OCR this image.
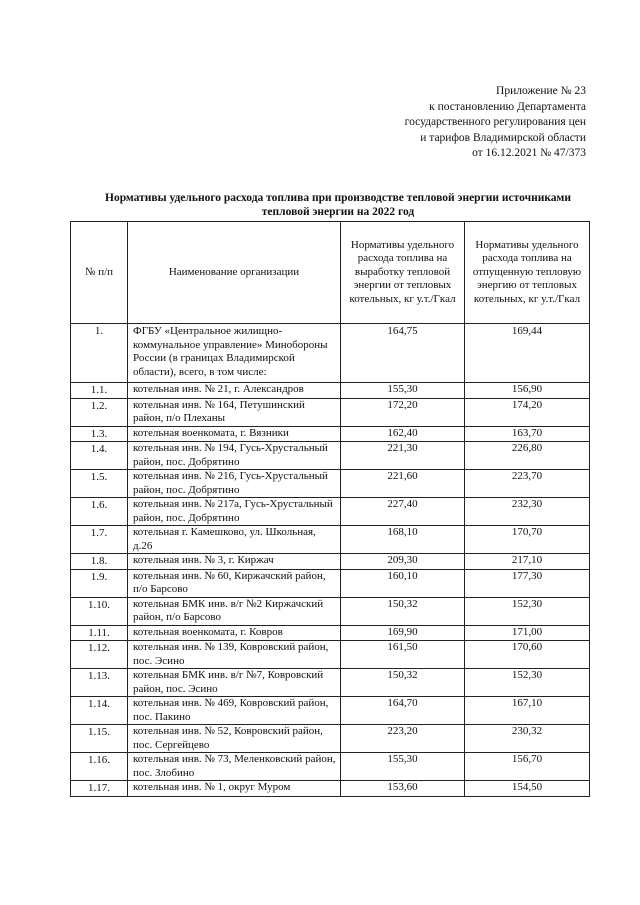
Приложение № 23
к постановлению Департамента
государственного регулирования цен
и тарифов Владимирской области
от 16.12.2021 № 47/373
Нормативы удельного расхода топлива при производстве тепловой энергии источниками тепловой энергии на 2022 год
№ п/п	Наименование организации	Нормативы удельного расхода топлива на выработку тепловой энергии от тепловых котельных, кг у.т./Гкал	Нормативы удельного расхода топлива на отпущенную тепловую энергию от тепловых котельных, кг у.т./Гкал
1.	ФГБУ «Центральное жилищно-коммунальное управление» Минобороны России (в границах Владимирской области), всего, в том числе:	164,75	169,44
1.1.	котельная инв. № 21, г. Александров	155,30	156,90
1.2.	котельная инв. № 164, Петушинский район, п/о Плеханы	172,20	174,20
1.3.	котельная военкомата, г. Вязники	162,40	163,70
1.4.	котельная инв. № 194, Гусь-Хрустальный район, пос. Добрятино	221,30	226,80
1.5.	котельная инв. № 216, Гусь-Хрустальный район, пос. Добрятино	221,60	223,70
1.6.	котельная инв. № 217а, Гусь-Хрустальный район, пос. Добрятино	227,40	232,30
1.7.	котельная г. Камешково, ул. Школьная, д.26	168,10	170,70
1.8.	котельная инв. № 3, г. Киржач	209,30	217,10
1.9.	котельная инв. № 60, Киржачский район, п/о Барсово	160,10	177,30
1.10.	котельная БМК инв. в/г №2 Киржачский район, п/о Барсово	150,32	152,30
1.11.	котельная военкомата, г. Ковров	169,90	171,00
1.12.	котельная инв. № 139, Ковровский район, пос. Эсино	161,50	170,60
1.13.	котельная БМК инв. в/г №7, Ковровский район, пос. Эсино	150,32	152,30
1.14.	котельная инв. № 469, Ковровский район, пос. Пакино	164,70	167,10
1.15.	котельная инв. № 52, Ковровский район, пос. Сергейцево	223,20	230,32
1.16.	котельная инв. № 73, Меленковский район, пос. Злобино	155,30	156,70
1.17.	котельная инв. № 1, округ Муром	153,60	154,50
